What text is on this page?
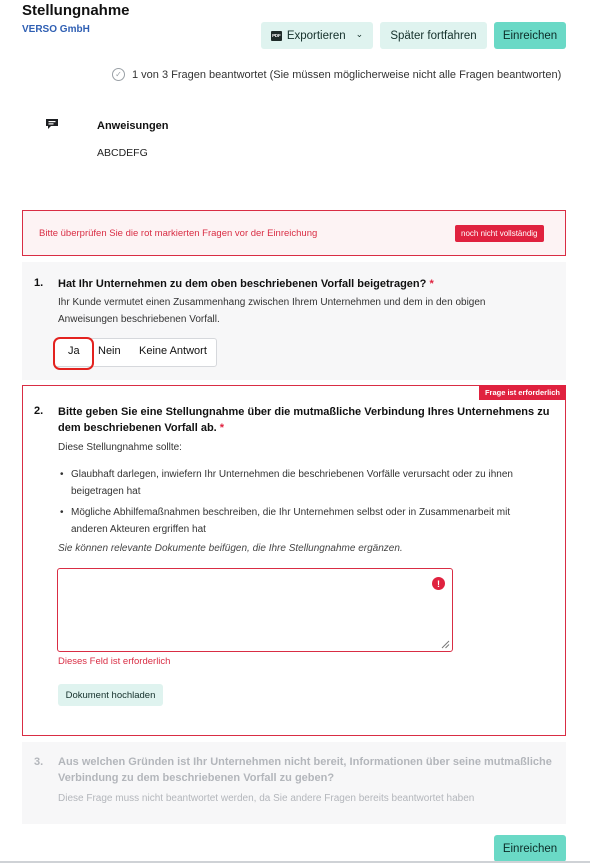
Stellungnahme
VERSO GmbH
PDF Exportieren ⌄	Später fortfahren	Einreichen
✓ 1 von 3 Fragen beantwortet (Sie müssen möglicherweise nicht alle Fragen beantworten)
Anweisungen
ABCDEFG
Bitte überprüfen Sie die rot markierten Fragen vor der Einreichung	noch nicht vollständig
1. Hat Ihr Unternehmen zu dem oben beschriebenen Vorfall beigetragen? *
Ihr Kunde vermutet einen Zusammenhang zwischen Ihrem Unternehmen und dem in den obigen
Anweisungen beschriebenen Vorfall.
Ja Nein Keine Antwort
Frage ist erforderlich
2. Bitte geben Sie eine Stellungnahme über die mutmaßliche Verbindung Ihres Unternehmens zu
dem beschriebenen Vorfall ab. *
Diese Stellungnahme sollte:
• Glaubhaft darlegen, inwiefern Ihr Unternehmen die beschriebenen Vorfälle verursacht oder zu ihnen
beigetragen hat
• Mögliche Abhilfemaßnahmen beschreiben, die Ihr Unternehmen selbst oder in Zusammenarbeit mit
anderen Akteuren ergriffen hat
Sie können relevante Dokumente beifügen, die Ihre Stellungnahme ergänzen.
!
Dieses Feld ist erforderlich
Dokument hochladen
3. Aus welchen Gründen ist Ihr Unternehmen nicht bereit, Informationen über seine mutmaßliche
Verbindung zu dem beschriebenen Vorfall zu geben?
Diese Frage muss nicht beantwortet werden, da Sie andere Fragen bereits beantwortet haben
Einreichen
